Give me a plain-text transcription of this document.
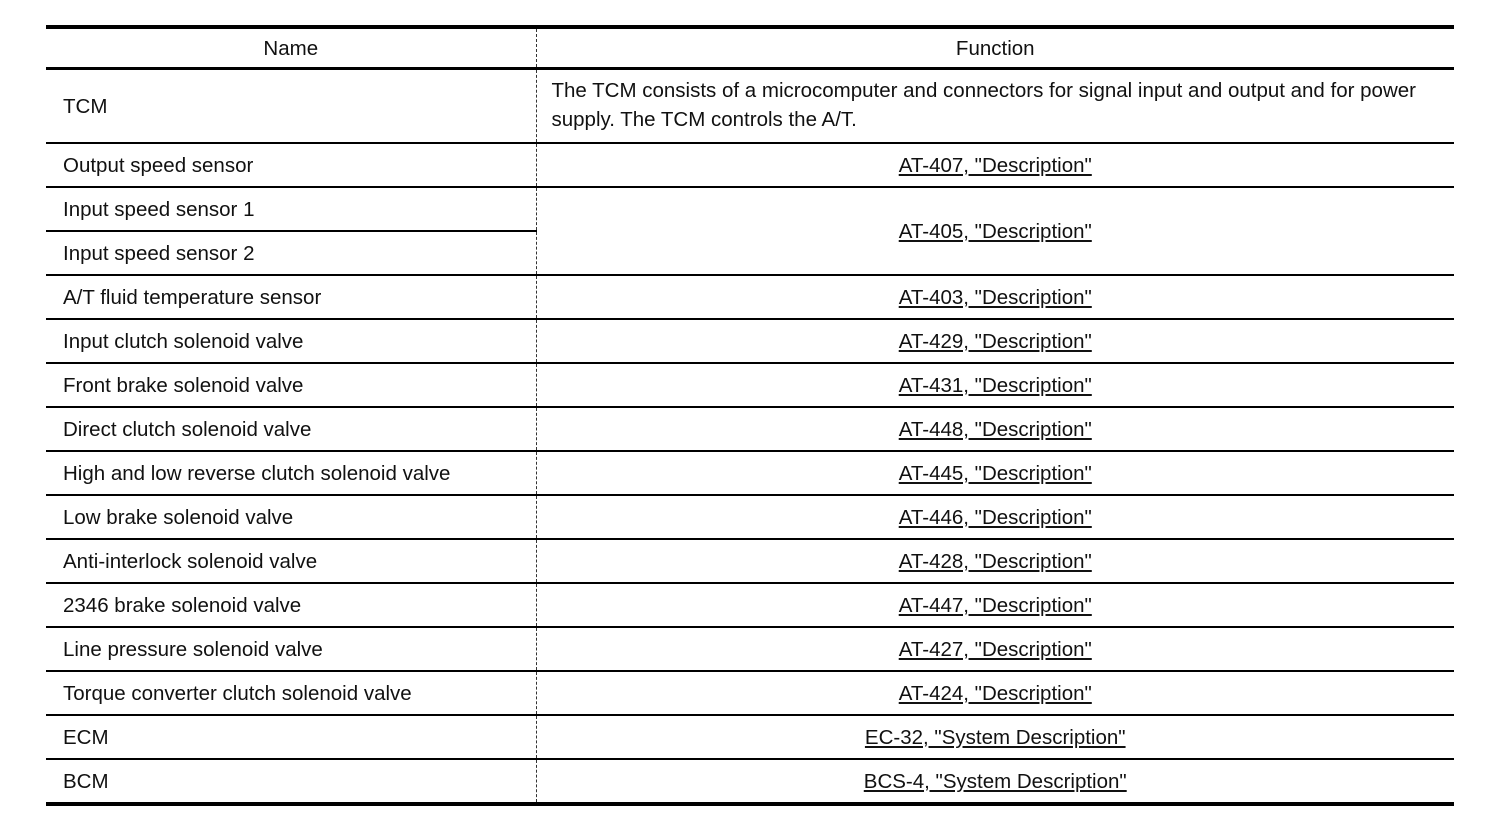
Name	Function
TCM	The TCM consists of a microcomputer and connectors for signal input and output and for power supply. The TCM controls the A/T.
Output speed sensor	AT-407, "Description"
Input speed sensor 1	AT-405, "Description"
Input speed sensor 2	
A/T fluid temperature sensor	AT-403, "Description"
Input clutch solenoid valve	AT-429, "Description"
Front brake solenoid valve	AT-431, "Description"
Direct clutch solenoid valve	AT-448, "Description"
High and low reverse clutch solenoid valve	AT-445, "Description"
Low brake solenoid valve	AT-446, "Description"
Anti-interlock solenoid valve	AT-428, "Description"
2346 brake solenoid valve	AT-447, "Description"
Line pressure solenoid valve	AT-427, "Description"
Torque converter clutch solenoid valve	AT-424, "Description"
ECM	EC-32, "System Description"
BCM	BCS-4, "System Description"
